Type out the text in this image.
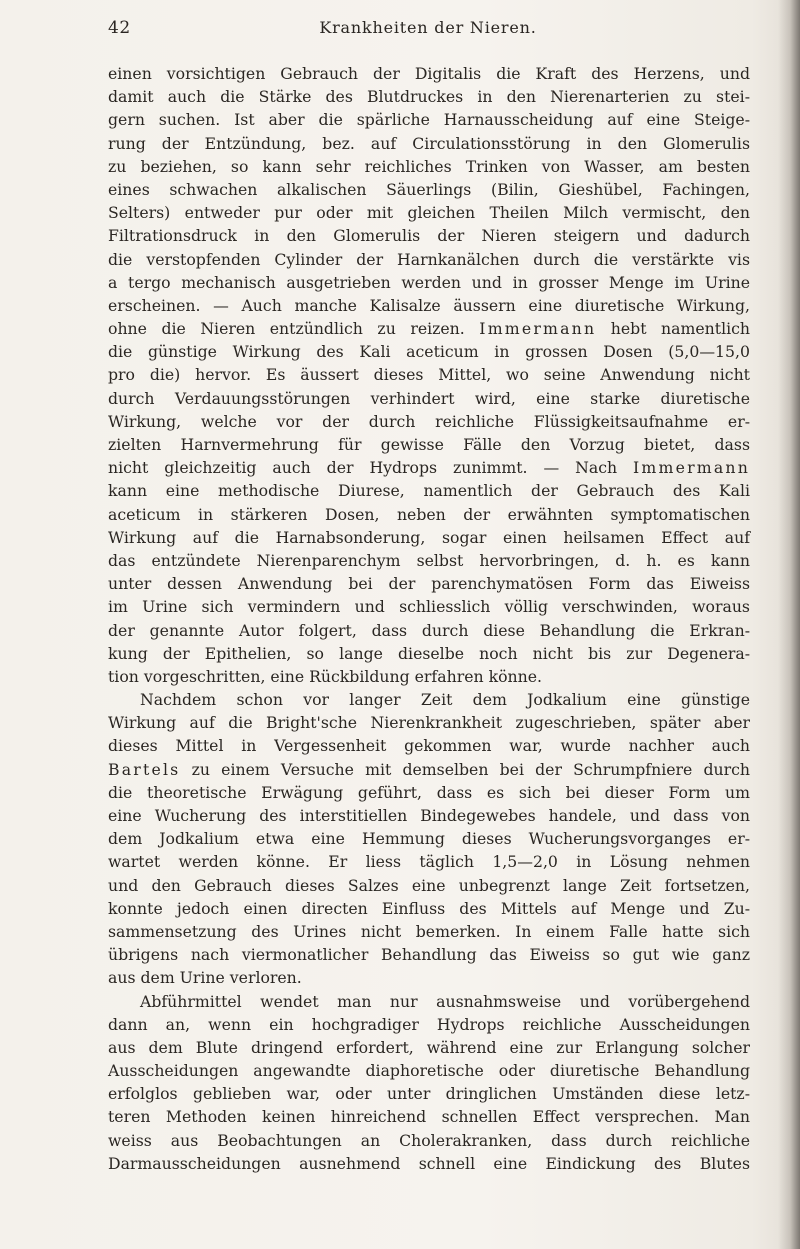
42	Krankheiten der Nieren.
einen vorsichtigen Gebrauch der Digitalis die Kraft des Herzens, und
damit auch die Stärke des Blutdruckes in den Nierenarterien zu stei-
gern suchen. Ist aber die spärliche Harnausscheidung auf eine Steige-
rung der Entzündung, bez. auf Circulationsstörung in den Glomerulis
zu beziehen, so kann sehr reichliches Trinken von Wasser, am besten
eines schwachen alkalischen Säuerlings (Bilin, Gieshübel, Fachingen,
Selters) entweder pur oder mit gleichen Theilen Milch vermischt, den
Filtrationsdruck in den Glomerulis der Nieren steigern und dadurch
die verstopfenden Cylinder der Harnkanälchen durch die verstärkte vis
a tergo mechanisch ausgetrieben werden und in grosser Menge im Urine
erscheinen. — Auch manche Kalisalze äussern eine diuretische Wirkung,
ohne die Nieren entzündlich zu reizen. Immermann hebt namentlich
die günstige Wirkung des Kali aceticum in grossen Dosen (5,0—15,0
pro die) hervor. Es äussert dieses Mittel, wo seine Anwendung nicht
durch Verdauungsstörungen verhindert wird, eine starke diuretische
Wirkung, welche vor der durch reichliche Flüssigkeitsaufnahme er-
zielten Harnvermehrung für gewisse Fälle den Vorzug bietet, dass
nicht gleichzeitig auch der Hydrops zunimmt. — Nach Immermann
kann eine methodische Diurese, namentlich der Gebrauch des Kali
aceticum in stärkeren Dosen, neben der erwähnten symptomatischen
Wirkung auf die Harnabsonderung, sogar einen heilsamen Effect auf
das entzündete Nierenparenchym selbst hervorbringen, d. h. es kann
unter dessen Anwendung bei der parenchymatösen Form das Eiweiss
im Urine sich vermindern und schliesslich völlig verschwinden, woraus
der genannte Autor folgert, dass durch diese Behandlung die Erkran-
kung der Epithelien, so lange dieselbe noch nicht bis zur Degenera-
tion vorgeschritten, eine Rückbildung erfahren könne.
Nachdem schon vor langer Zeit dem Jodkalium eine günstige
Wirkung auf die Bright'sche Nierenkrankheit zugeschrieben, später aber
dieses Mittel in Vergessenheit gekommen war, wurde nachher auch
Bartels zu einem Versuche mit demselben bei der Schrumpfniere durch
die theoretische Erwägung geführt, dass es sich bei dieser Form um
eine Wucherung des interstitiellen Bindegewebes handele, und dass von
dem Jodkalium etwa eine Hemmung dieses Wucherungsvorganges er-
wartet werden könne. Er liess täglich 1,5—2,0 in Lösung nehmen
und den Gebrauch dieses Salzes eine unbegrenzt lange Zeit fortsetzen,
konnte jedoch einen directen Einfluss des Mittels auf Menge und Zu-
sammensetzung des Urines nicht bemerken. In einem Falle hatte sich
übrigens nach viermonatlicher Behandlung das Eiweiss so gut wie ganz
aus dem Urine verloren.
Abführmittel wendet man nur ausnahmsweise und vorübergehend
dann an, wenn ein hochgradiger Hydrops reichliche Ausscheidungen
aus dem Blute dringend erfordert, während eine zur Erlangung solcher
Ausscheidungen angewandte diaphoretische oder diuretische Behandlung
erfolglos geblieben war, oder unter dringlichen Umständen diese letz-
teren Methoden keinen hinreichend schnellen Effect versprechen. Man
weiss aus Beobachtungen an Cholerakranken, dass durch reichliche
Darmausscheidungen ausnehmend schnell eine Eindickung des Blutes
